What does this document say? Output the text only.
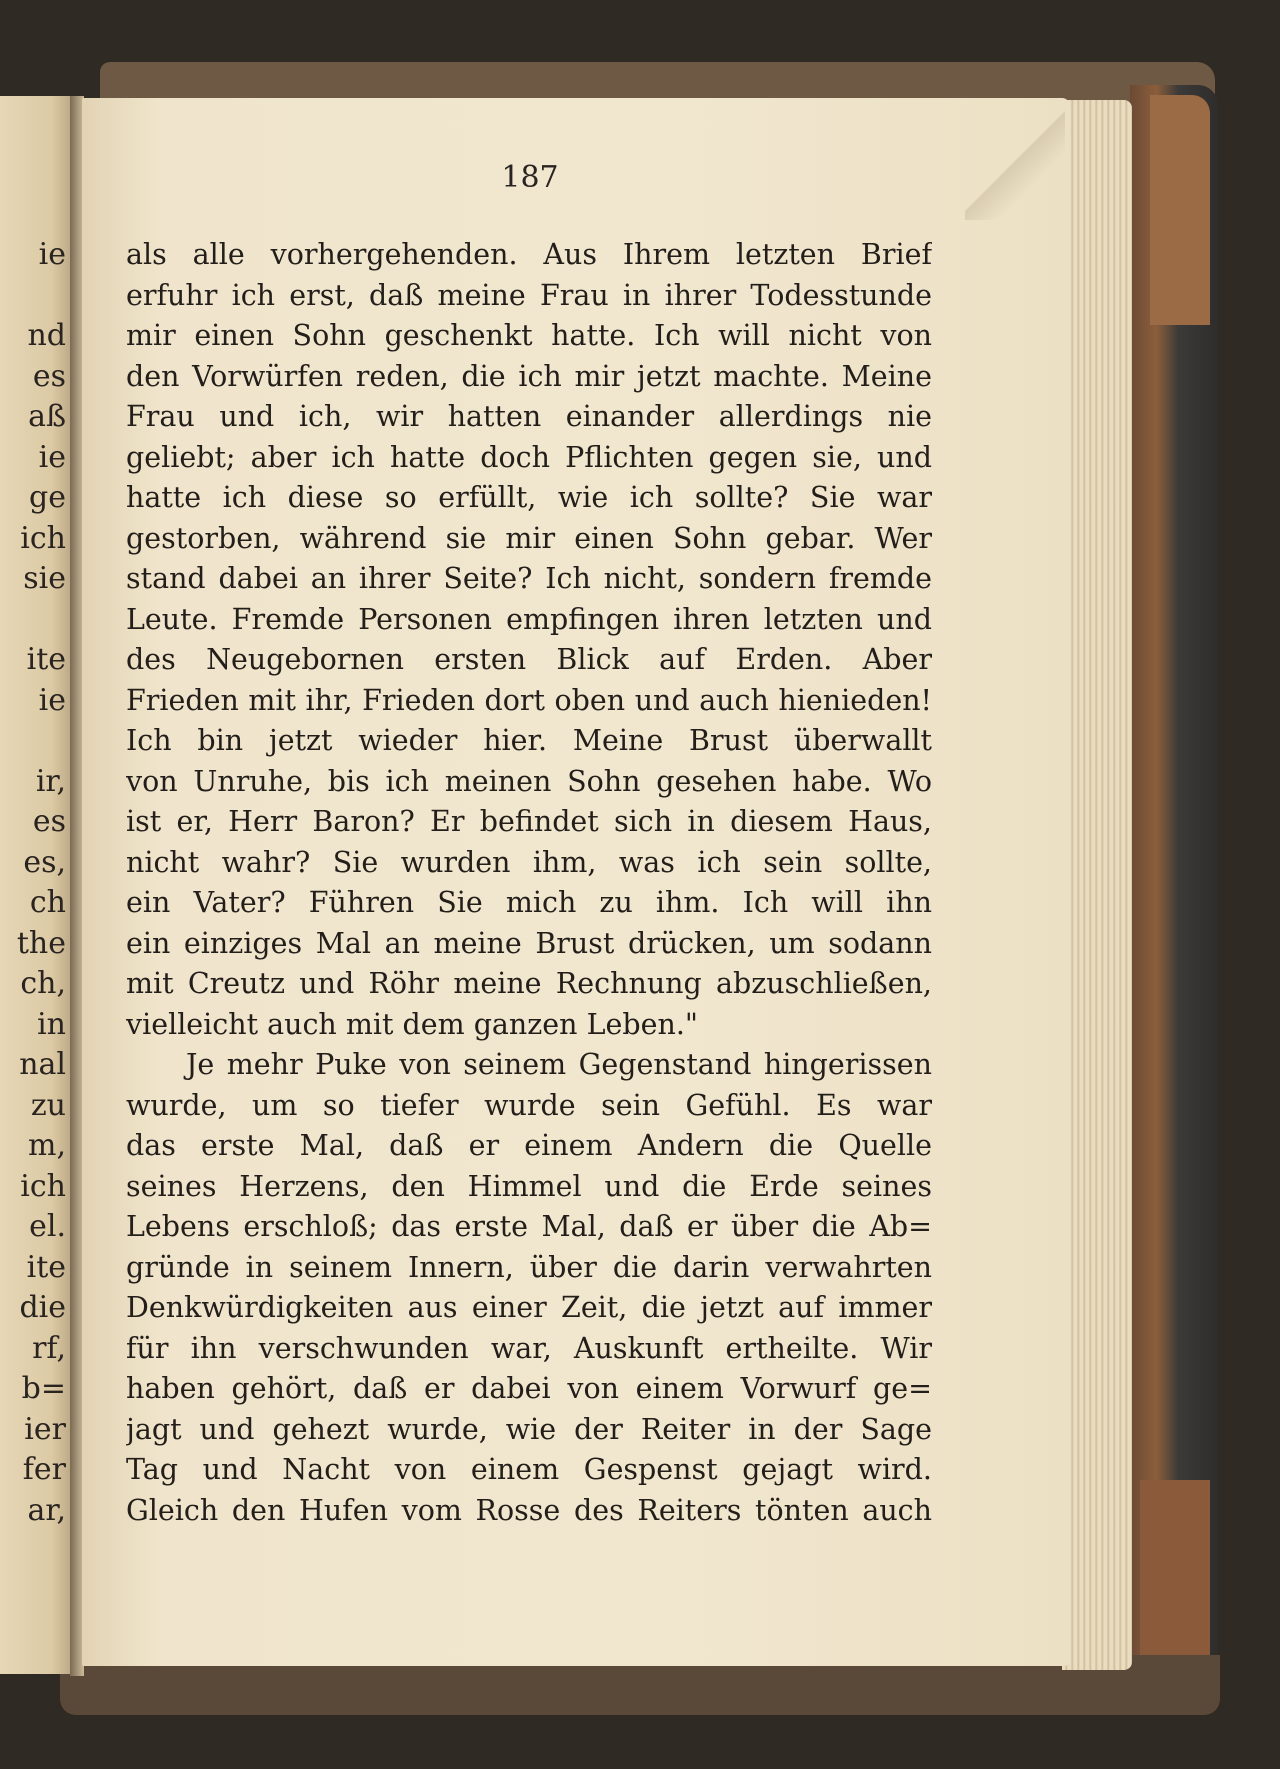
ie
nd
es
aß
ie
ge
ich
sie
ite
ie
ir,
es
es,
ch
the
ch,
in
nal
zu
m,
ich
el.
ite
die
rf,
b=
ier
fer
ar,
187
als alle vorhergehenden. Aus Ihrem letzten Brief
erfuhr ich erst, daß meine Frau in ihrer Todesstunde
mir einen Sohn geschenkt hatte. Ich will nicht von
den Vorwürfen reden, die ich mir jetzt machte. Meine
Frau und ich, wir hatten einander allerdings nie
geliebt; aber ich hatte doch Pflichten gegen sie, und
hatte ich diese so erfüllt, wie ich sollte? Sie war
gestorben, während sie mir einen Sohn gebar. Wer
stand dabei an ihrer Seite? Ich nicht, sondern fremde
Leute. Fremde Personen empfingen ihren letzten und
des Neugebornen ersten Blick auf Erden. Aber
Frieden mit ihr, Frieden dort oben und auch hienieden!
Ich bin jetzt wieder hier. Meine Brust überwallt
von Unruhe, bis ich meinen Sohn gesehen habe. Wo
ist er, Herr Baron? Er befindet sich in diesem Haus,
nicht wahr? Sie wurden ihm, was ich sein sollte,
ein Vater? Führen Sie mich zu ihm. Ich will ihn
ein einziges Mal an meine Brust drücken, um sodann
mit Creutz und Röhr meine Rechnung abzuschließen,
vielleicht auch mit dem ganzen Leben."
Je mehr Puke von seinem Gegenstand hingerissen
wurde, um so tiefer wurde sein Gefühl. Es war
das erste Mal, daß er einem Andern die Quelle
seines Herzens, den Himmel und die Erde seines
Lebens erschloß; das erste Mal, daß er über die Ab=
gründe in seinem Innern, über die darin verwahrten
Denkwürdigkeiten aus einer Zeit, die jetzt auf immer
für ihn verschwunden war, Auskunft ertheilte. Wir
haben gehört, daß er dabei von einem Vorwurf ge=
jagt und gehezt wurde, wie der Reiter in der Sage
Tag und Nacht von einem Gespenst gejagt wird.
Gleich den Hufen vom Rosse des Reiters tönten auch
